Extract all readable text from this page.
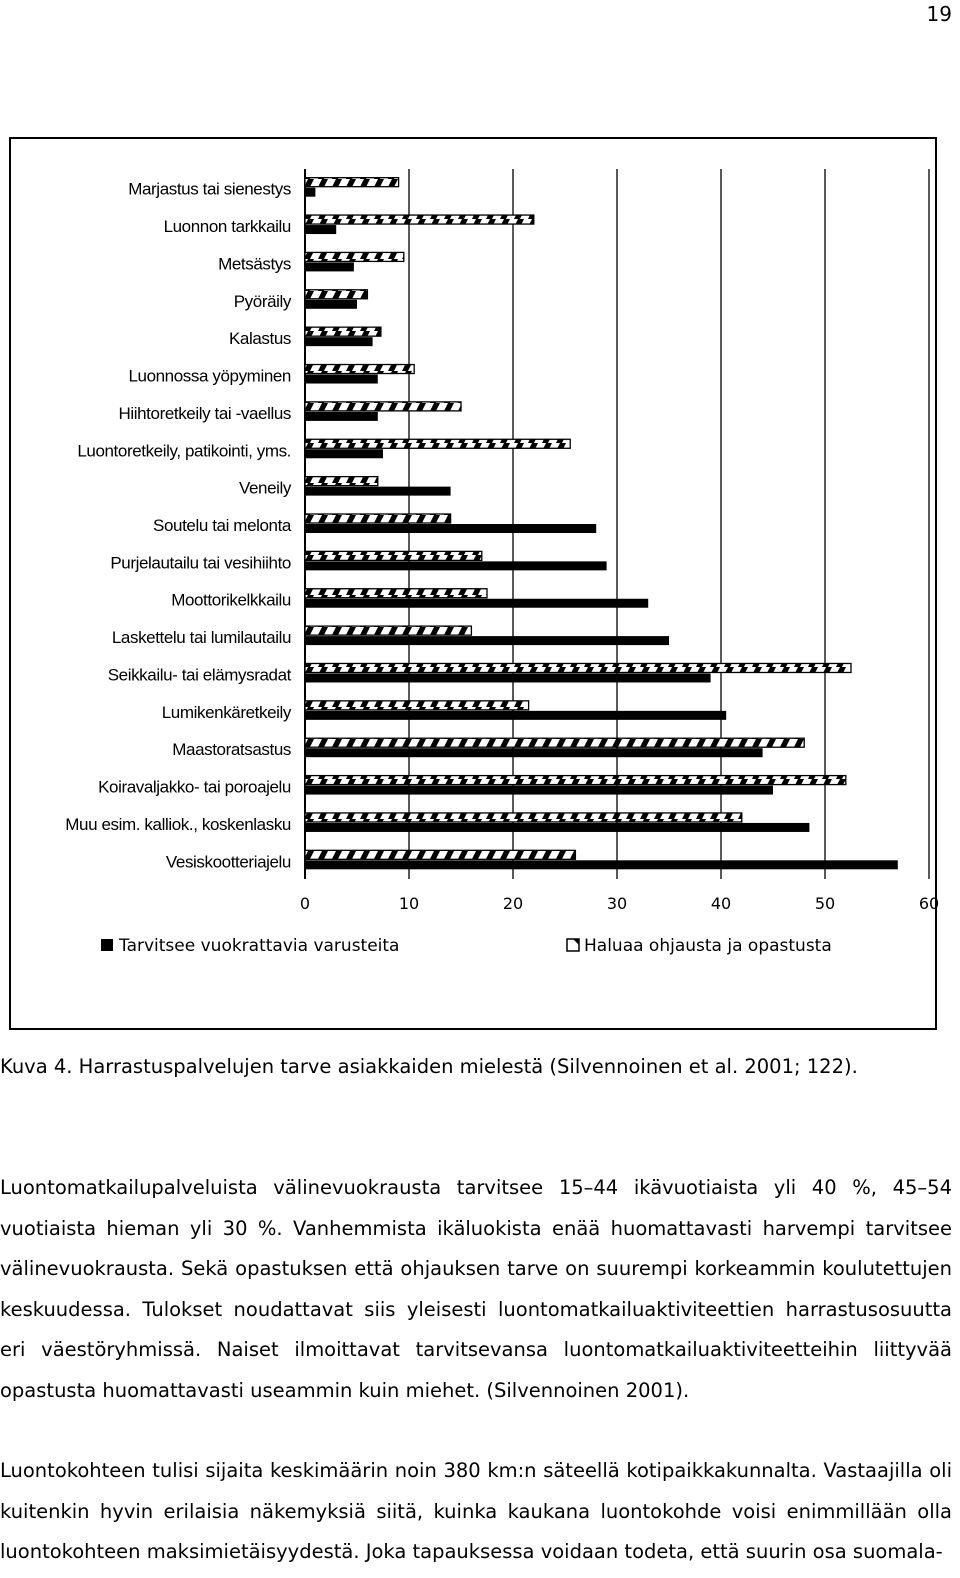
19
Marjastus tai sienestys
Luonnon tarkkailu
Metsästys
Pyöräily
Kalastus
Luonnossa yöpyminen
Hiihtoretkeily tai -vaellus
Luontoretkeily, patikointi, yms.
Veneily
Soutelu tai melonta
Purjelautailu tai vesihiihto
Moottorikelkkailu
Laskettelu tai lumilautailu
Seikkailu- tai elämysradat
Lumikenkäretkeily
Maastoratsastus
Koiravaljakko- tai poroajelu
Muu esim. kalliok., koskenlasku
Vesiskootteriajelu
0	10	20	30	40	50	60
Tarvitsee vuokrattavia varusteita	Haluaa ohjausta ja opastusta
Kuva 4. Harrastuspalvelujen tarve asiakkaiden mielestä (Silvennoinen et al. 2001; 122).
Luontomatkailupalveluista välinevuokrausta tarvitsee 15–44 ikävuotiaista yli 40 %, 45–54 vuotiaista hieman yli 30 %. Vanhemmista ikäluokista enää huomattavasti harvempi tarvitsee välinevuokrausta. Sekä opastuksen että ohjauksen tarve on suurempi korkeammin koulutettujen keskuudessa. Tulokset noudattavat siis yleisesti luontomatkailuaktiviteettien harrastusosuutta eri väestöryhmissä. Naiset ilmoittavat tarvitsevansa luontomatkailuaktiviteetteihin liittyvää opastusta huomattavasti useammin kuin miehet. (Silvennoinen 2001).
Luontokohteen tulisi sijaita keskimäärin noin 380 km:n säteellä kotipaikkakunnalta. Vastaajilla oli kuitenkin hyvin erilaisia näkemyksiä siitä, kuinka kaukana luontokohde voisi enimmillään olla luontokohteen maksimietäisyydestä. Joka tapauksessa voidaan todeta, että suurin osa suomala-
